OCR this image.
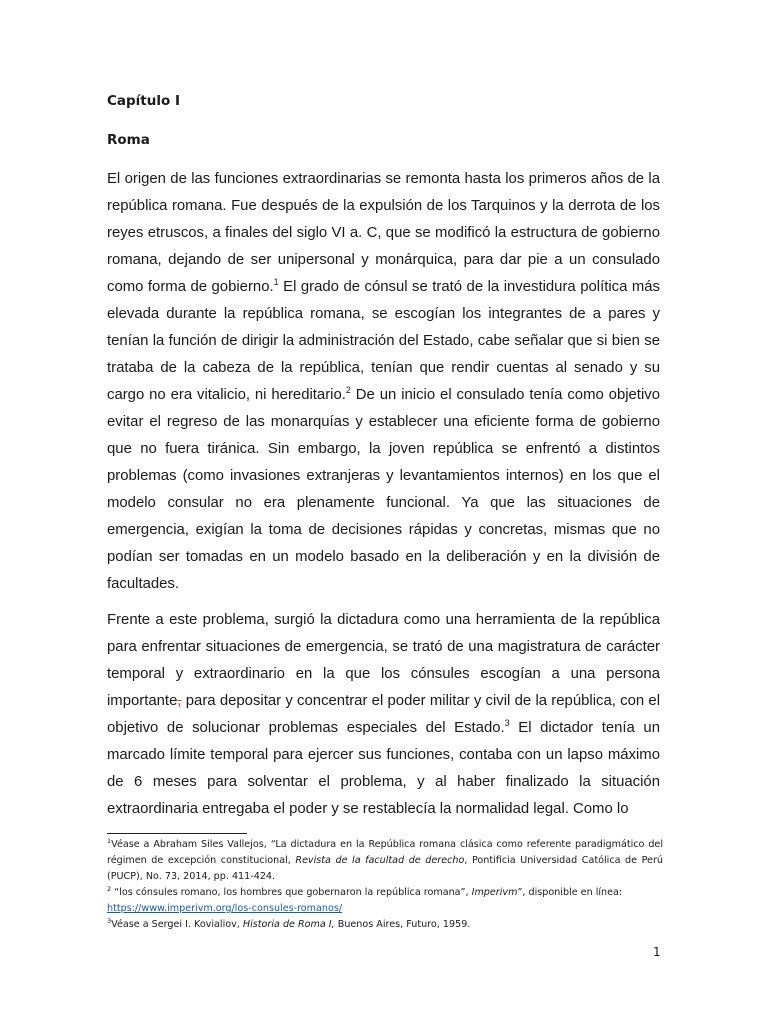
Capítulo I
Roma

El origen de las funciones extraordinarias se remonta hasta los primeros años de la república romana. Fue después de la expulsión de los Tarquinos y la derrota de los reyes etruscos, a finales del siglo VI a. C, que se modificó la estructura de gobierno romana, dejando de ser unipersonal y monárquica, para dar pie a un consulado como forma de gobierno.$^1$ El grado de cónsul se trató de la investidura política más elevada durante la república romana, se escogían los integrantes de a pares y tenían la función de dirigir la administración del Estado, cabe señalar que si bien se trataba de la cabeza de la república, tenían que rendir cuentas al senado y su cargo no era vitalicio, ni hereditario.$^2$ De un inicio el consulado tenía como objetivo evitar el regreso de las monarquías y establecer una eficiente forma de gobierno que no fuera tiránica. Sin embargo, la joven república se enfrentó a distintos problemas (como invasiones extranjeras y levantamientos internos) en los que el modelo consular no era plenamente funcional. Ya que las situaciones de emergencia, exigían la toma de decisiones rápidas y concretas, mismas que no podían ser tomadas en un modelo basado en la deliberación y en la división de facultades.

Frente a este problema, surgió la dictadura como una herramienta de la república para enfrentar situaciones de emergencia, se trató de una magistratura de carácter temporal y extraordinario en la que los cónsules escogían a una persona importante, para depositar y concentrar el poder militar y civil de la república, con el objetivo de solucionar problemas especiales del Estado.$^3$ El dictador tenía un marcado límite temporal para ejercer sus funciones, contaba con un lapso máximo de 6 meses para solventar el problema, y al haber finalizado la situación extraordinaria entregaba el poder y se restablecía la normalidad legal. Como lo

$^1$Véase a Abraham Siles Vallejos, “La dictadura en la República romana clásica como referente paradigmático del régimen de excepción constitucional, Revista de la facultad de derecho, Pontificia Universidad Católica de Perú (PUCP), No. 73, 2014, pp. 411-424.

$^2$ “los cónsules romano, los hombres que gobernaron la república romana”, Imperivm”, disponible en línea:
https://www.imperivm.org/los-consules-romanos/

$^3$Véase a Sergei I. Kovialiov, Historia de Roma I, Buenos Aires, Futuro, 1959.

1
